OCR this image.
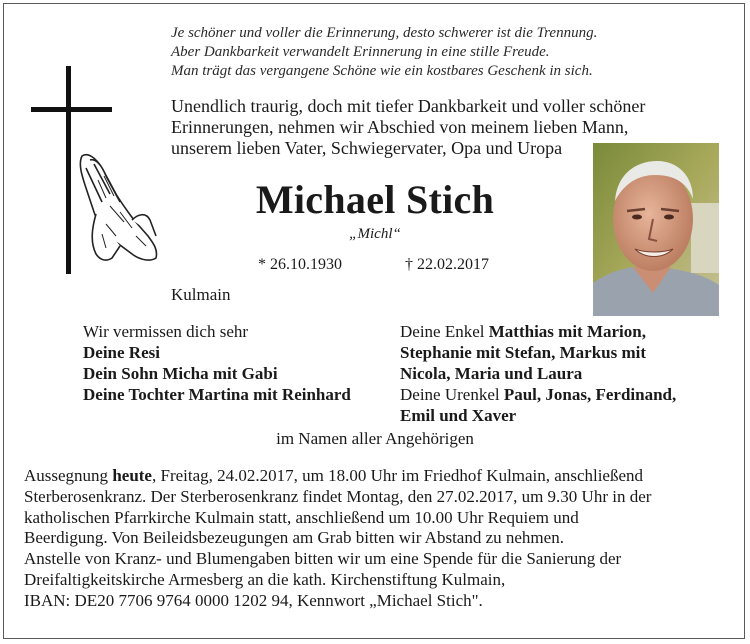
Je schöner und voller die Erinnerung, desto schwerer ist die Trennung.
Aber Dankbarkeit verwandelt Erinnerung in eine stille Freude.
Man trägt das vergangene Schöne wie ein kostbares Geschenk in sich.
Unendlich traurig, doch mit tiefer Dankbarkeit und voller schöner
Erinnerungen, nehmen wir Abschied von meinem lieben Mann,
unserem lieben Vater, Schwiegervater, Opa und Uropa
Michael Stich
„Michl“
* 26.10.1930	† 22.02.2017
Kulmain
Wir vermissen dich sehr
Deine Resi
Dein Sohn Micha mit Gabi
Deine Tochter Martina mit Reinhard
Deine Enkel Matthias mit Marion,
Stephanie mit Stefan, Markus mit
Nicola, Maria und Laura
Deine Urenkel Paul, Jonas, Ferdinand,
Emil und Xaver
im Namen aller Angehörigen
Aussegnung heute, Freitag, 24.02.2017, um 18.00 Uhr im Friedhof Kulmain, anschließend
Sterberosenkranz. Der Sterberosenkranz findet Montag, den 27.02.2017, um 9.30 Uhr in der
katholischen Pfarrkirche Kulmain statt, anschließend um 10.00 Uhr Requiem und
Beerdigung. Von Beileidsbezeugungen am Grab bitten wir Abstand zu nehmen.
Anstelle von Kranz- und Blumengaben bitten wir um eine Spende für die Sanierung der
Dreifaltigkeitskirche Armesberg an die kath. Kirchenstiftung Kulmain,
IBAN: DE20 7706 9764 0000 1202 94, Kennwort „Michael Stich".
